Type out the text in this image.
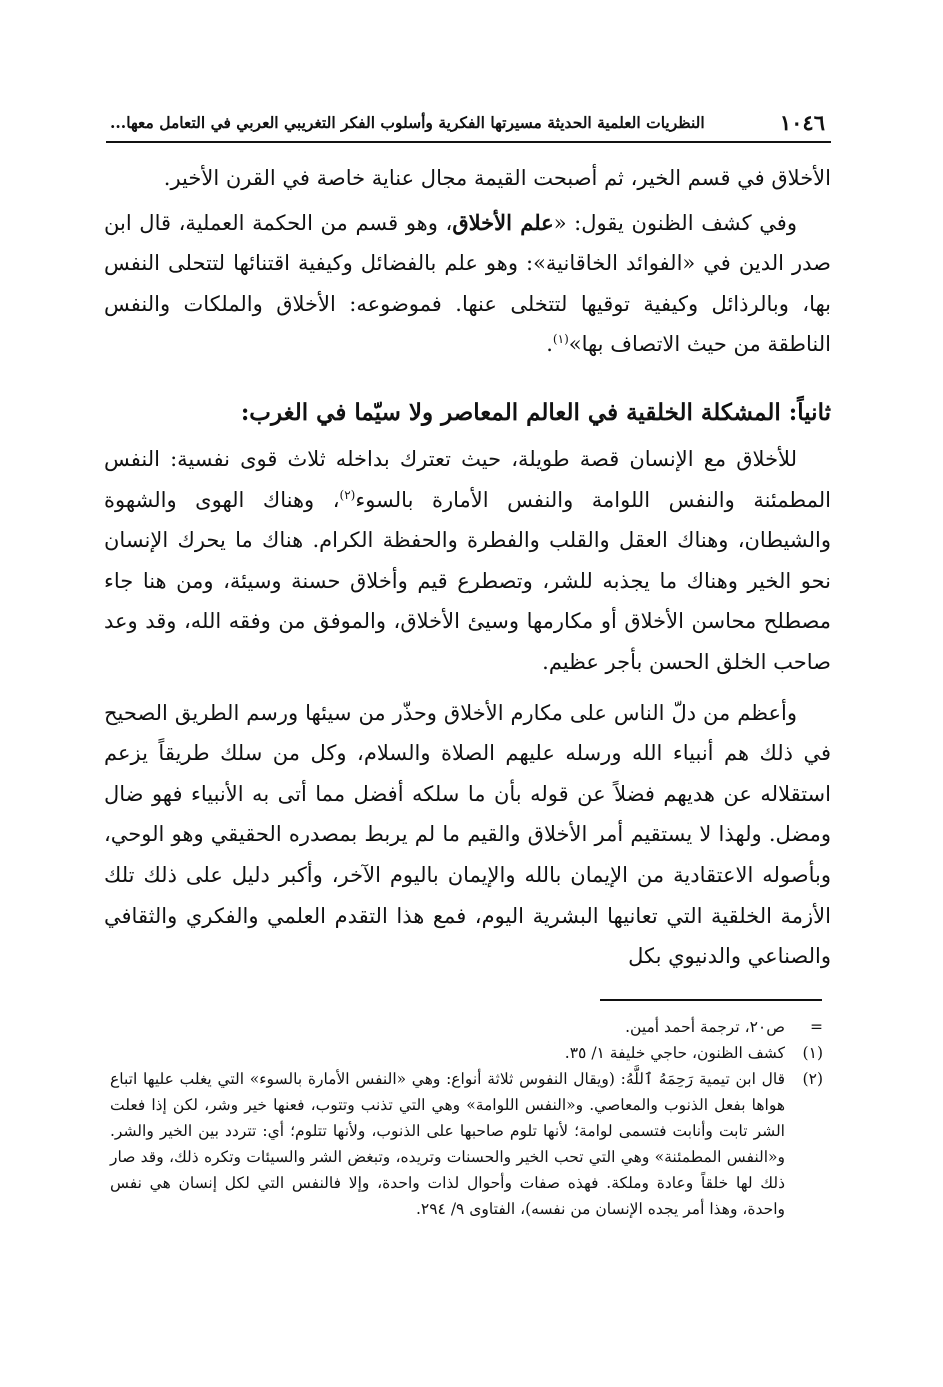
١٠٤٦
النظريات العلمية الحديثة مسيرتها الفكرية وأسلوب الفكر التغريبي العربي في التعامل معها...

الأخلاق في قسم الخير، ثم أصبحت القيمة مجال عناية خاصة في القرن الأخير.

وفي كشف الظنون يقول: «علم الأخلاق، وهو قسم من الحكمة العملية، قال ابن صدر الدين في «الفوائد الخاقانية»: وهو علم بالفضائل وكيفية اقتنائها لتتحلى النفس بها، وبالرذائل وكيفية توقيها لتتخلى عنها. فموضوعه: الأخلاق والملكات والنفس الناطقة من حيث الاتصاف بها»$^{(١)}$.

ثانياً: المشكلة الخلقية في العالم المعاصر ولا سيّما في الغرب:

للأخلاق مع الإنسان قصة طويلة، حيث تعترك بداخله ثلاث قوى نفسية: النفس المطمئنة والنفس اللوامة والنفس الأمارة بالسوء$^{(٢)}$، وهناك الهوى والشهوة والشيطان، وهناك العقل والقلب والفطرة والحفظة الكرام. هناك ما يحرك الإنسان نحو الخير وهناك ما يجذبه للشر، وتصطرع قيم وأخلاق حسنة وسيئة، ومن هنا جاء مصطلح محاسن الأخلاق أو مكارمها وسيئ الأخلاق، والموفق من وفقه الله، وقد وعد صاحب الخلق الحسن بأجر عظيم.

وأعظم من دلّ الناس على مكارم الأخلاق وحذّر من سيئها ورسم الطريق الصحيح في ذلك هم أنبياء الله ورسله عليهم الصلاة والسلام، وكل من سلك طريقاً يزعم استقلاله عن هديهم فضلاً عن قوله بأن ما سلكه أفضل مما أتى به الأنبياء فهو ضال ومضل. ولهذا لا يستقيم أمر الأخلاق والقيم ما لم يربط بمصدره الحقيقي وهو الوحي، وبأصوله الاعتقادية من الإيمان بالله والإيمان باليوم الآخر، وأكبر دليل على ذلك تلك الأزمة الخلقية التي تعانيها البشرية اليوم، فمع هذا التقدم العلمي والفكري والثقافي والصناعي والدنيوي بكل

=
ص٢٠، ترجمة أحمد أمين.
(١)
كشف الظنون، حاجي خليفة ١/ ٣٥.
(٢)
قال ابن تيمية رَحِمَهُ ٱللَّهُ: (ويقال النفوس ثلاثة أنواع: وهي «النفس الأمارة بالسوء» التي يغلب عليها اتباع هواها بفعل الذنوب والمعاصي. و«النفس اللوامة» وهي التي تذنب وتتوب، فعنها خير وشر، لكن إذا فعلت الشر تابت وأنابت فتسمى لوامة؛ لأنها تلوم صاحبها على الذنوب، ولأنها تتلوم؛ أي: تتردد بين الخير والشر. و«النفس المطمئنة» وهي التي تحب الخير والحسنات وتريده، وتبغض الشر والسيئات وتكره ذلك، وقد صار ذلك لها خلقاً وعادة وملكة. فهذه صفات وأحوال لذات واحدة، وإلا فالنفس التي لكل إنسان هي نفس واحدة، وهذا أمر يجده الإنسان من نفسه)، الفتاوى ٩/ ٢٩٤.
